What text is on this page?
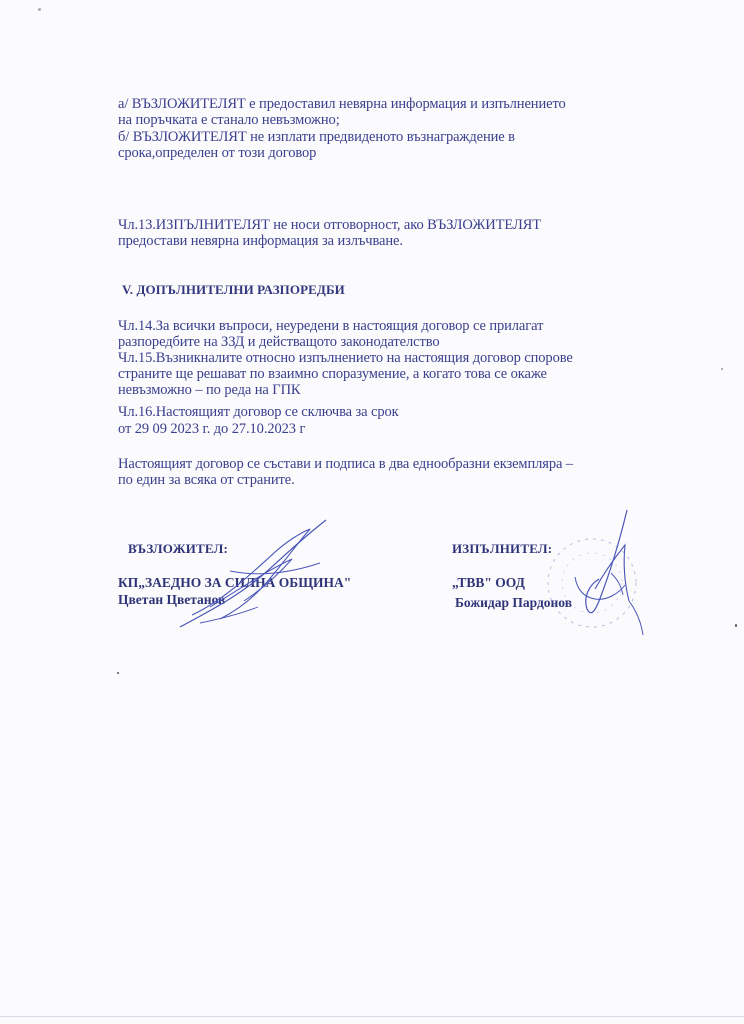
а/ ВЪЗЛОЖИТЕЛЯТ е предоставил невярна информация и изпълнението
на поръчката е станало невъзможно;
б/ ВЪЗЛОЖИТЕЛЯТ не изплати предвиденото възнаграждение в
срока,определен от този договор
Чл.13.ИЗПЪЛНИТЕЛЯТ не носи отговорност, ако ВЪЗЛОЖИТЕЛЯТ
предостави невярна информация за излъчване.
V. ДОПЪЛНИТЕЛНИ РАЗПОРЕДБИ
Чл.14.За всички въпроси, неуредени в настоящия договор се прилагат
разпоредбите на ЗЗД и действащото законодателство
Чл.15.Възникналите относно изпълнението на настоящия договор спорове
страните ще решават по взаимно споразумение, а когато това се окаже
невъзможно – по реда на ГПК
Чл.16.Настоящият договор се сключва за срок
от 29 09 2023 г. до 27.10.2023 г
Настоящият договор се състави и подписа в два еднообразни екземпляра –
по един за всяка от страните.
ВЪЗЛОЖИТЕЛ:
КП„ЗАЕДНО ЗА СИЛНА ОБЩИНА"
Цветан Цветанов
ИЗПЪЛНИТЕЛ:
„ТВВ" ООД
Божидар Пардонов
